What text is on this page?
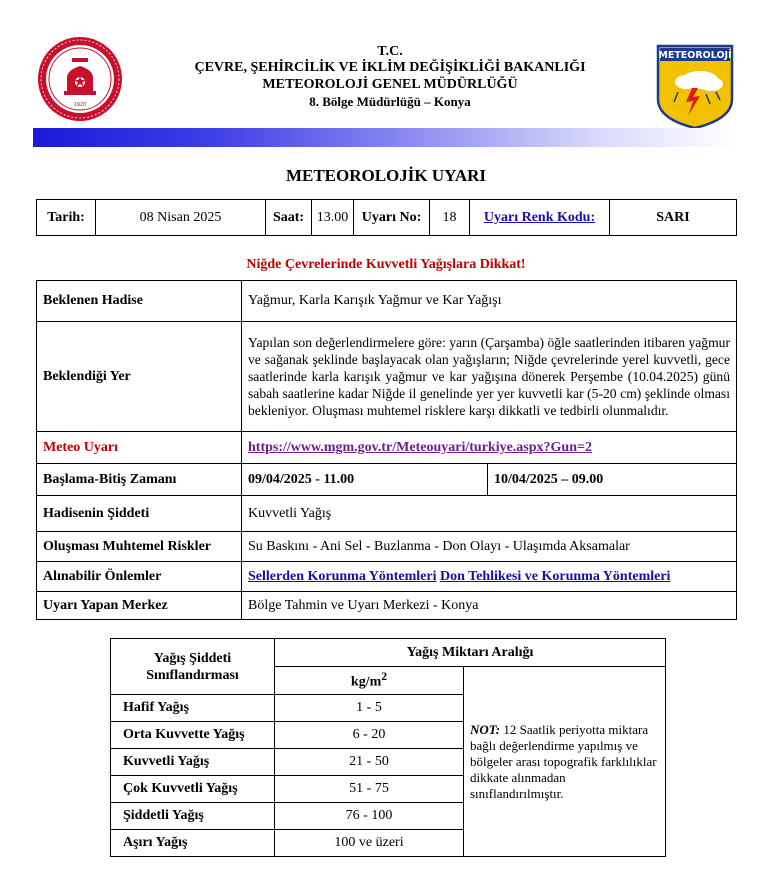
1920
T.C.
ÇEVRE, ŞEHİRCİLİK VE İKLİM DEĞİŞİKLİĞİ BAKANLIĞI
METEOROLOJİ GENEL MÜDÜRLÜĞÜ
8. Bölge Müdürlüğü – Konya
METEOROLOJİ
METEOROLOJİK UYARI
Tarih:	08 Nisan 2025	Saat:	13.00	Uyarı No:	18	Uyarı Renk Kodu:	SARI
Niğde Çevrelerinde Kuvvetli Yağışlara Dikkat!
Beklenen Hadise	Yağmur, Karla Karışık Yağmur ve Kar Yağışı	
Beklendiği Yer	Yapılan son değerlendirmelere göre: yarın (Çarşamba) öğle saatlerinden itibaren yağmur ve sağanak şeklinde başlayacak olan yağışların; Niğde çevrelerinde yerel kuvvetli, gece saatlerinde karla karışık yağmur ve kar yağışına dönerek Perşembe (10.04.2025) günü sabah saatlerine kadar Niğde il genelinde yer yer kuvvetli kar (5-20 cm) şeklinde olması bekleniyor. Oluşması muhtemel risklere karşı dikkatli ve tedbirli olunmalıdır.	
Meteo Uyarı	https://www.mgm.gov.tr/Meteouyari/turkiye.aspx?Gun=2	
Başlama-Bitiş Zamanı	09/04/2025 - 11.00	10/04/2025 – 09.00
Hadisenin Şiddeti	Kuvvetli Yağış	
Oluşması Muhtemel Riskler	Su Baskını - Ani Sel - Buzlanma - Don Olayı - Ulaşımda Aksamalar	
Alınabilir Önlemler	Sellerden Korunma Yöntemleri Don Tehlikesi ve Korunma Yöntemleri	
Uyarı Yapan Merkez	Bölge Tahmin ve Uyarı Merkezi - Konya	
Yağış Şiddeti Sınıflandırması	Yağış Miktarı Aralığı	
	$kg/m^2$	NOT: 12 Saatlik periyotta miktara bağlı değerlendirme yapılmış ve bölgeler arası topografik farklılıklar dikkate alınmadan sınıflandırılmıştır.
Hafif Yağış	1 - 5	
Orta Kuvvette Yağış	6 - 20	
Kuvvetli Yağış	21 - 50	
Çok Kuvvetli Yağış	51 - 75	
Şiddetli Yağış	76 - 100	
Aşırı Yağış	100 ve üzeri	
